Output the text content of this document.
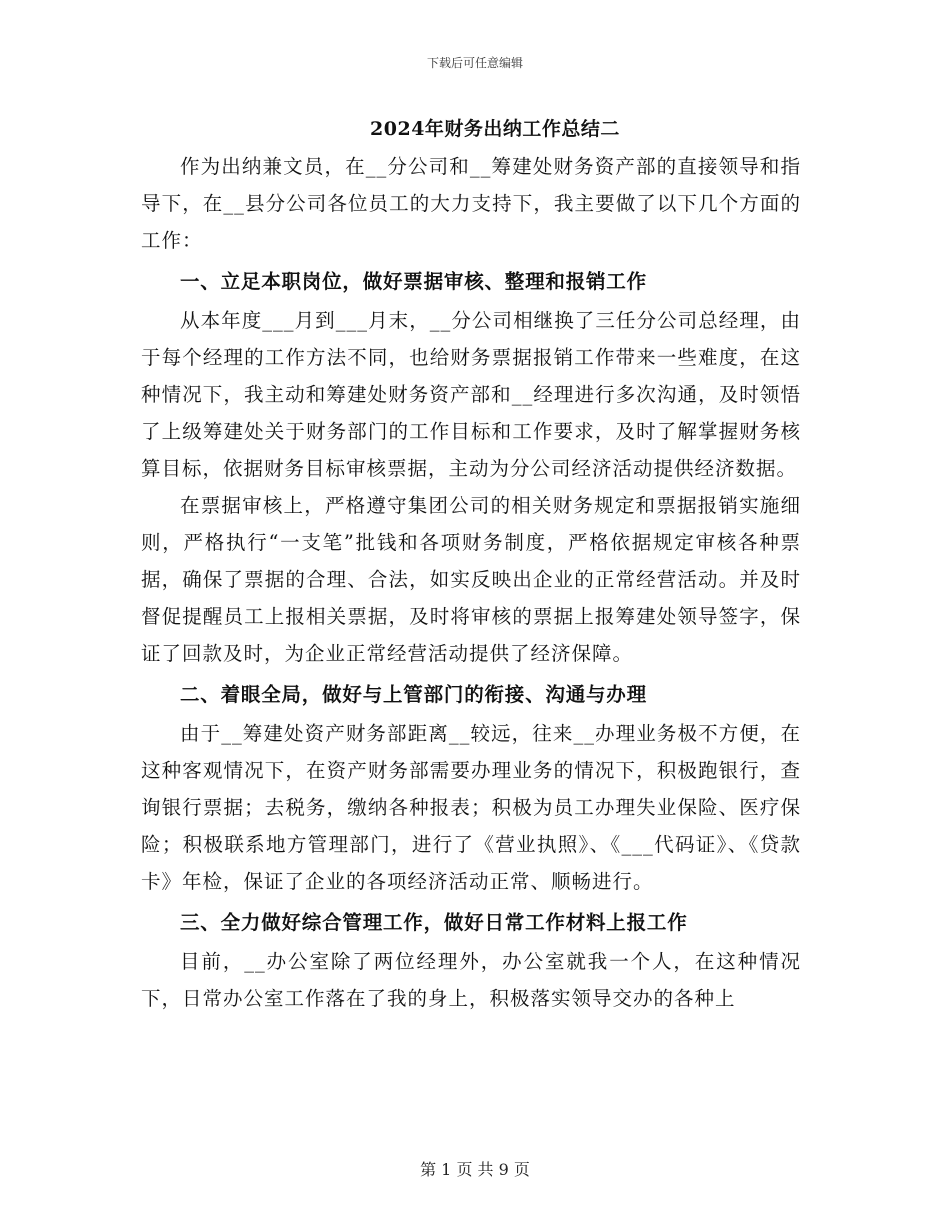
下载后可任意编辑
2024年财务出纳工作总结二

作为出纳兼文员，在__分公司和__筹建处财务资产部的直接领导和指导下，在__县分公司各位员工的大力支持下，我主要做了以下几个方面的工作：

一、立足本职岗位，做好票据审核、整理和报销工作

从本年度___月到___月末，__分公司相继换了三任分公司总经理，由于每个经理的工作方法不同，也给财务票据报销工作带来一些难度，在这种情况下，我主动和筹建处财务资产部和__经理进行多次沟通，及时领悟了上级筹建处关于财务部门的工作目标和工作要求，及时了解掌握财务核算目标，依据财务目标审核票据，主动为分公司经济活动提供经济数据。

在票据审核上，严格遵守集团公司的相关财务规定和票据报销实施细则，严格执行“一支笔”批钱和各项财务制度，严格依据规定审核各种票据，确保了票据的合理、合法，如实反映出企业的正常经营活动。并及时督促提醒员工上报相关票据，及时将审核的票据上报筹建处领导签字，保证了回款及时，为企业正常经营活动提供了经济保障。

二、着眼全局，做好与上管部门的衔接、沟通与办理

由于__筹建处资产财务部距离__较远，往来__办理业务极不方便，在这种客观情况下，在资产财务部需要办理业务的情况下，积极跑银行，查询银行票据；去税务，缴纳各种报表；积极为员工办理失业保险、医疗保险；积极联系地方管理部门，进行了《营业执照》、《___代码证》、《贷款卡》年检，保证了企业的各项经济活动正常、顺畅进行。

三、全力做好综合管理工作，做好日常工作材料上报工作

目前，__办公室除了两位经理外，办公室就我一个人，在这种情况下，日常办公室工作落在了我的身上，积极落实领导交办的各种上

第 1 页 共 9 页
